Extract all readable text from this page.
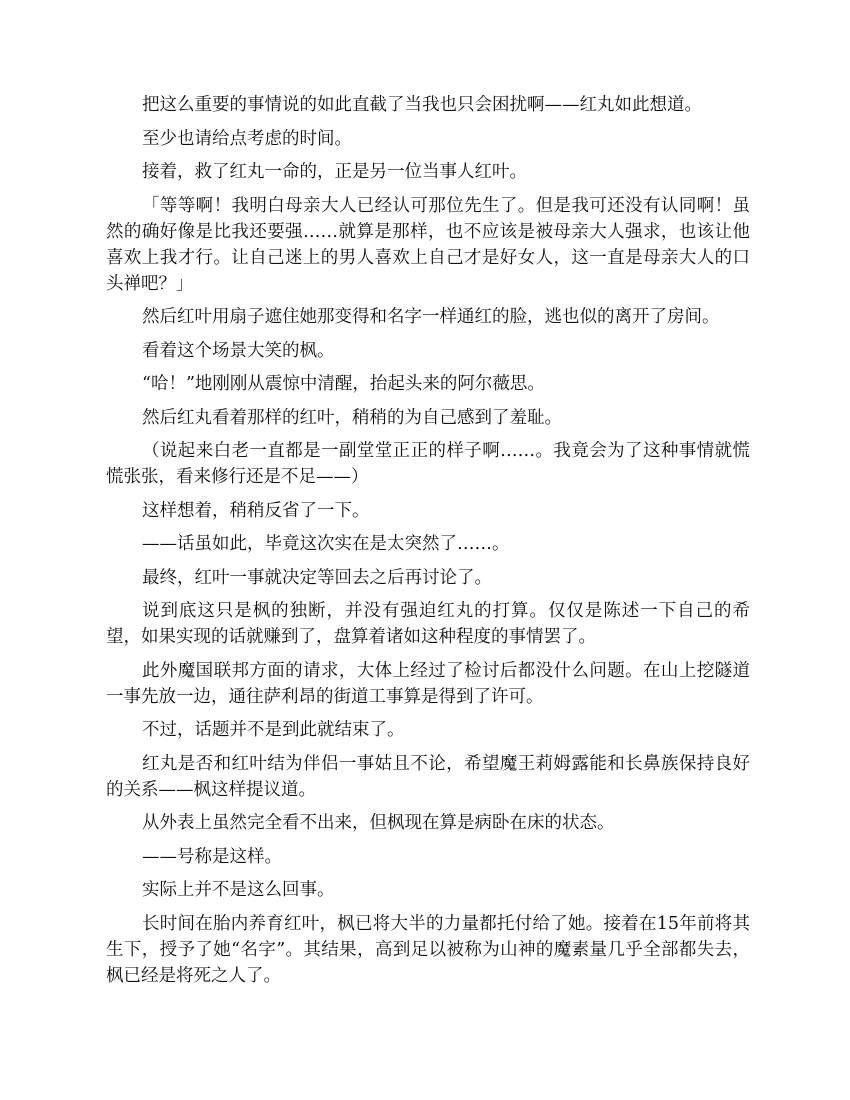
把这么重要的事情说的如此直截了当我也只会困扰啊——红丸如此想道。

至少也请给点考虑的时间。

接着，救了红丸一命的，正是另一位当事人红叶。

「等等啊！我明白母亲大人已经认可那位先生了。但是我可还没有认同啊！虽然的确好像是比我还要强……就算是那样，也不应该是被母亲大人强求，也该让他喜欢上我才行。让自己迷上的男人喜欢上自己才是好女人，这一直是母亲大人的口头禅吧？」

然后红叶用扇子遮住她那变得和名字一样通红的脸，逃也似的离开了房间。

看着这个场景大笑的枫。

“哈！”地刚刚从震惊中清醒，抬起头来的阿尔薇思。

然后红丸看着那样的红叶，稍稍的为自己感到了羞耻。

（说起来白老一直都是一副堂堂正正的样子啊……。我竟会为了这种事情就慌慌张张，看来修行还是不足——）

这样想着，稍稍反省了一下。

——话虽如此，毕竟这次实在是太突然了……。

最终，红叶一事就决定等回去之后再讨论了。

说到底这只是枫的独断，并没有强迫红丸的打算。仅仅是陈述一下自己的希望，如果实现的话就赚到了，盘算着诸如这种程度的事情罢了。

此外魔国联邦方面的请求，大体上经过了检讨后都没什么问题。在山上挖隧道一事先放一边，通往萨利昂的街道工事算是得到了许可。

不过，话题并不是到此就结束了。

红丸是否和红叶结为伴侣一事姑且不论，希望魔王莉姆露能和长鼻族保持良好的关系——枫这样提议道。

从外表上虽然完全看不出来，但枫现在算是病卧在床的状态。

——号称是这样。

实际上并不是这么回事。

长时间在胎内养育红叶，枫已将大半的力量都托付给了她。接着在15年前将其生下，授予了她“名字”。其结果，高到足以被称为山神的魔素量几乎全部都失去，枫已经是将死之人了。
